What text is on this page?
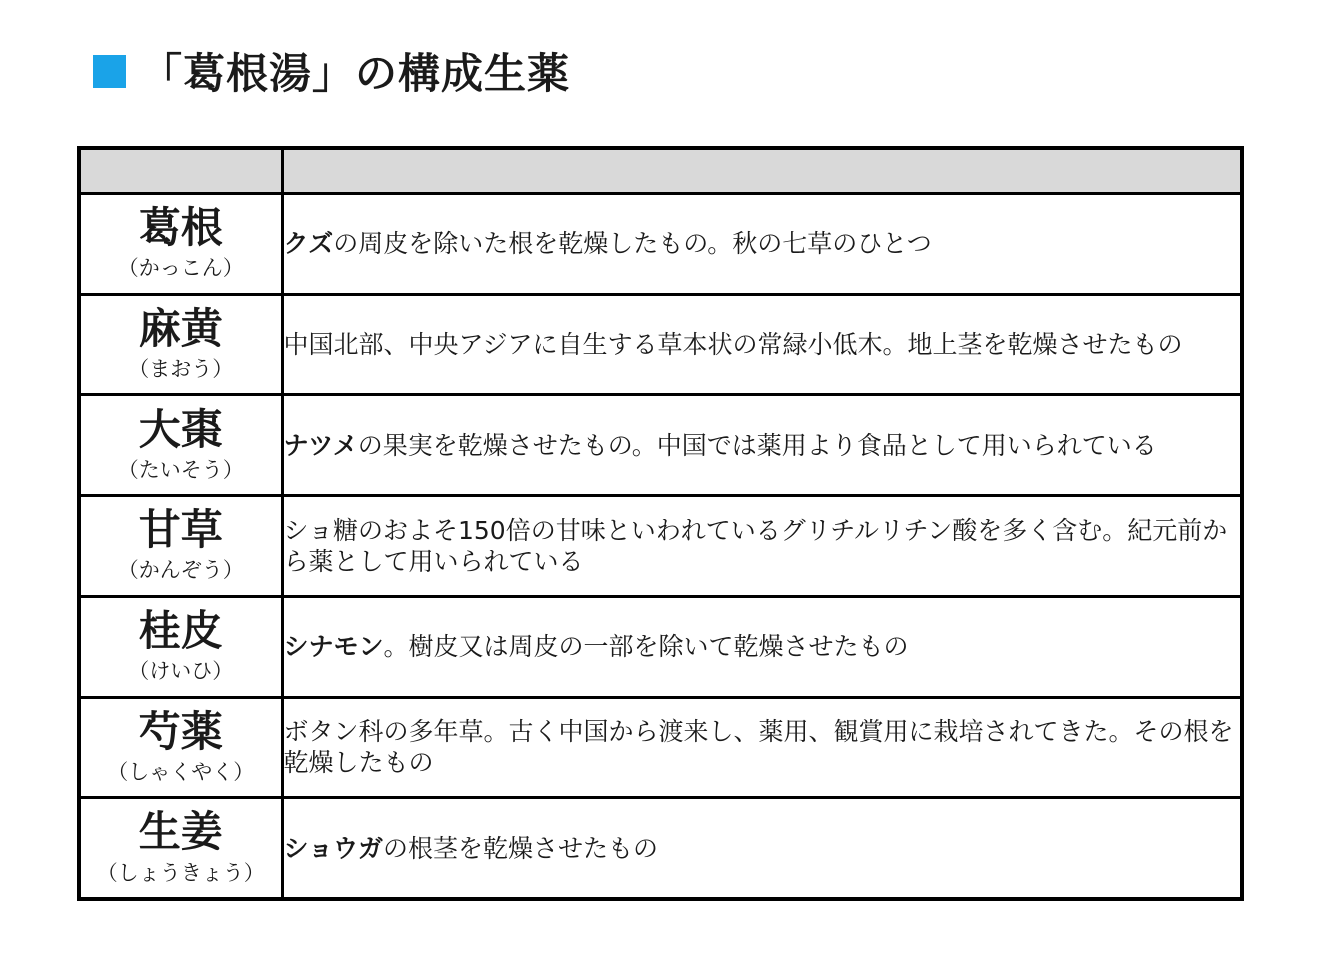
「葛根湯」の構成生薬

葛根
（かっこん）	クズの周皮を除いた根を乾燥したもの。秋の七草のひとつ

麻黄
（まおう）	中国北部、中央アジアに自生する草本状の常緑小低木。地上茎を乾燥させたもの

大棗
（たいそう）	ナツメの果実を乾燥させたもの。中国では薬用より食品として用いられている

甘草
（かんぞう）	ショ糖のおよそ150倍の甘味といわれているグリチルリチン酸を多く含む。紀元前から薬として用いられている

桂皮
（けいひ）	シナモン。樹皮又は周皮の一部を除いて乾燥させたもの

芍薬
（しゃくやく）	ボタン科の多年草。古く中国から渡来し、薬用、観賞用に栽培されてきた。その根を乾燥したもの

生姜
（しょうきょう）	ショウガの根茎を乾燥させたもの
